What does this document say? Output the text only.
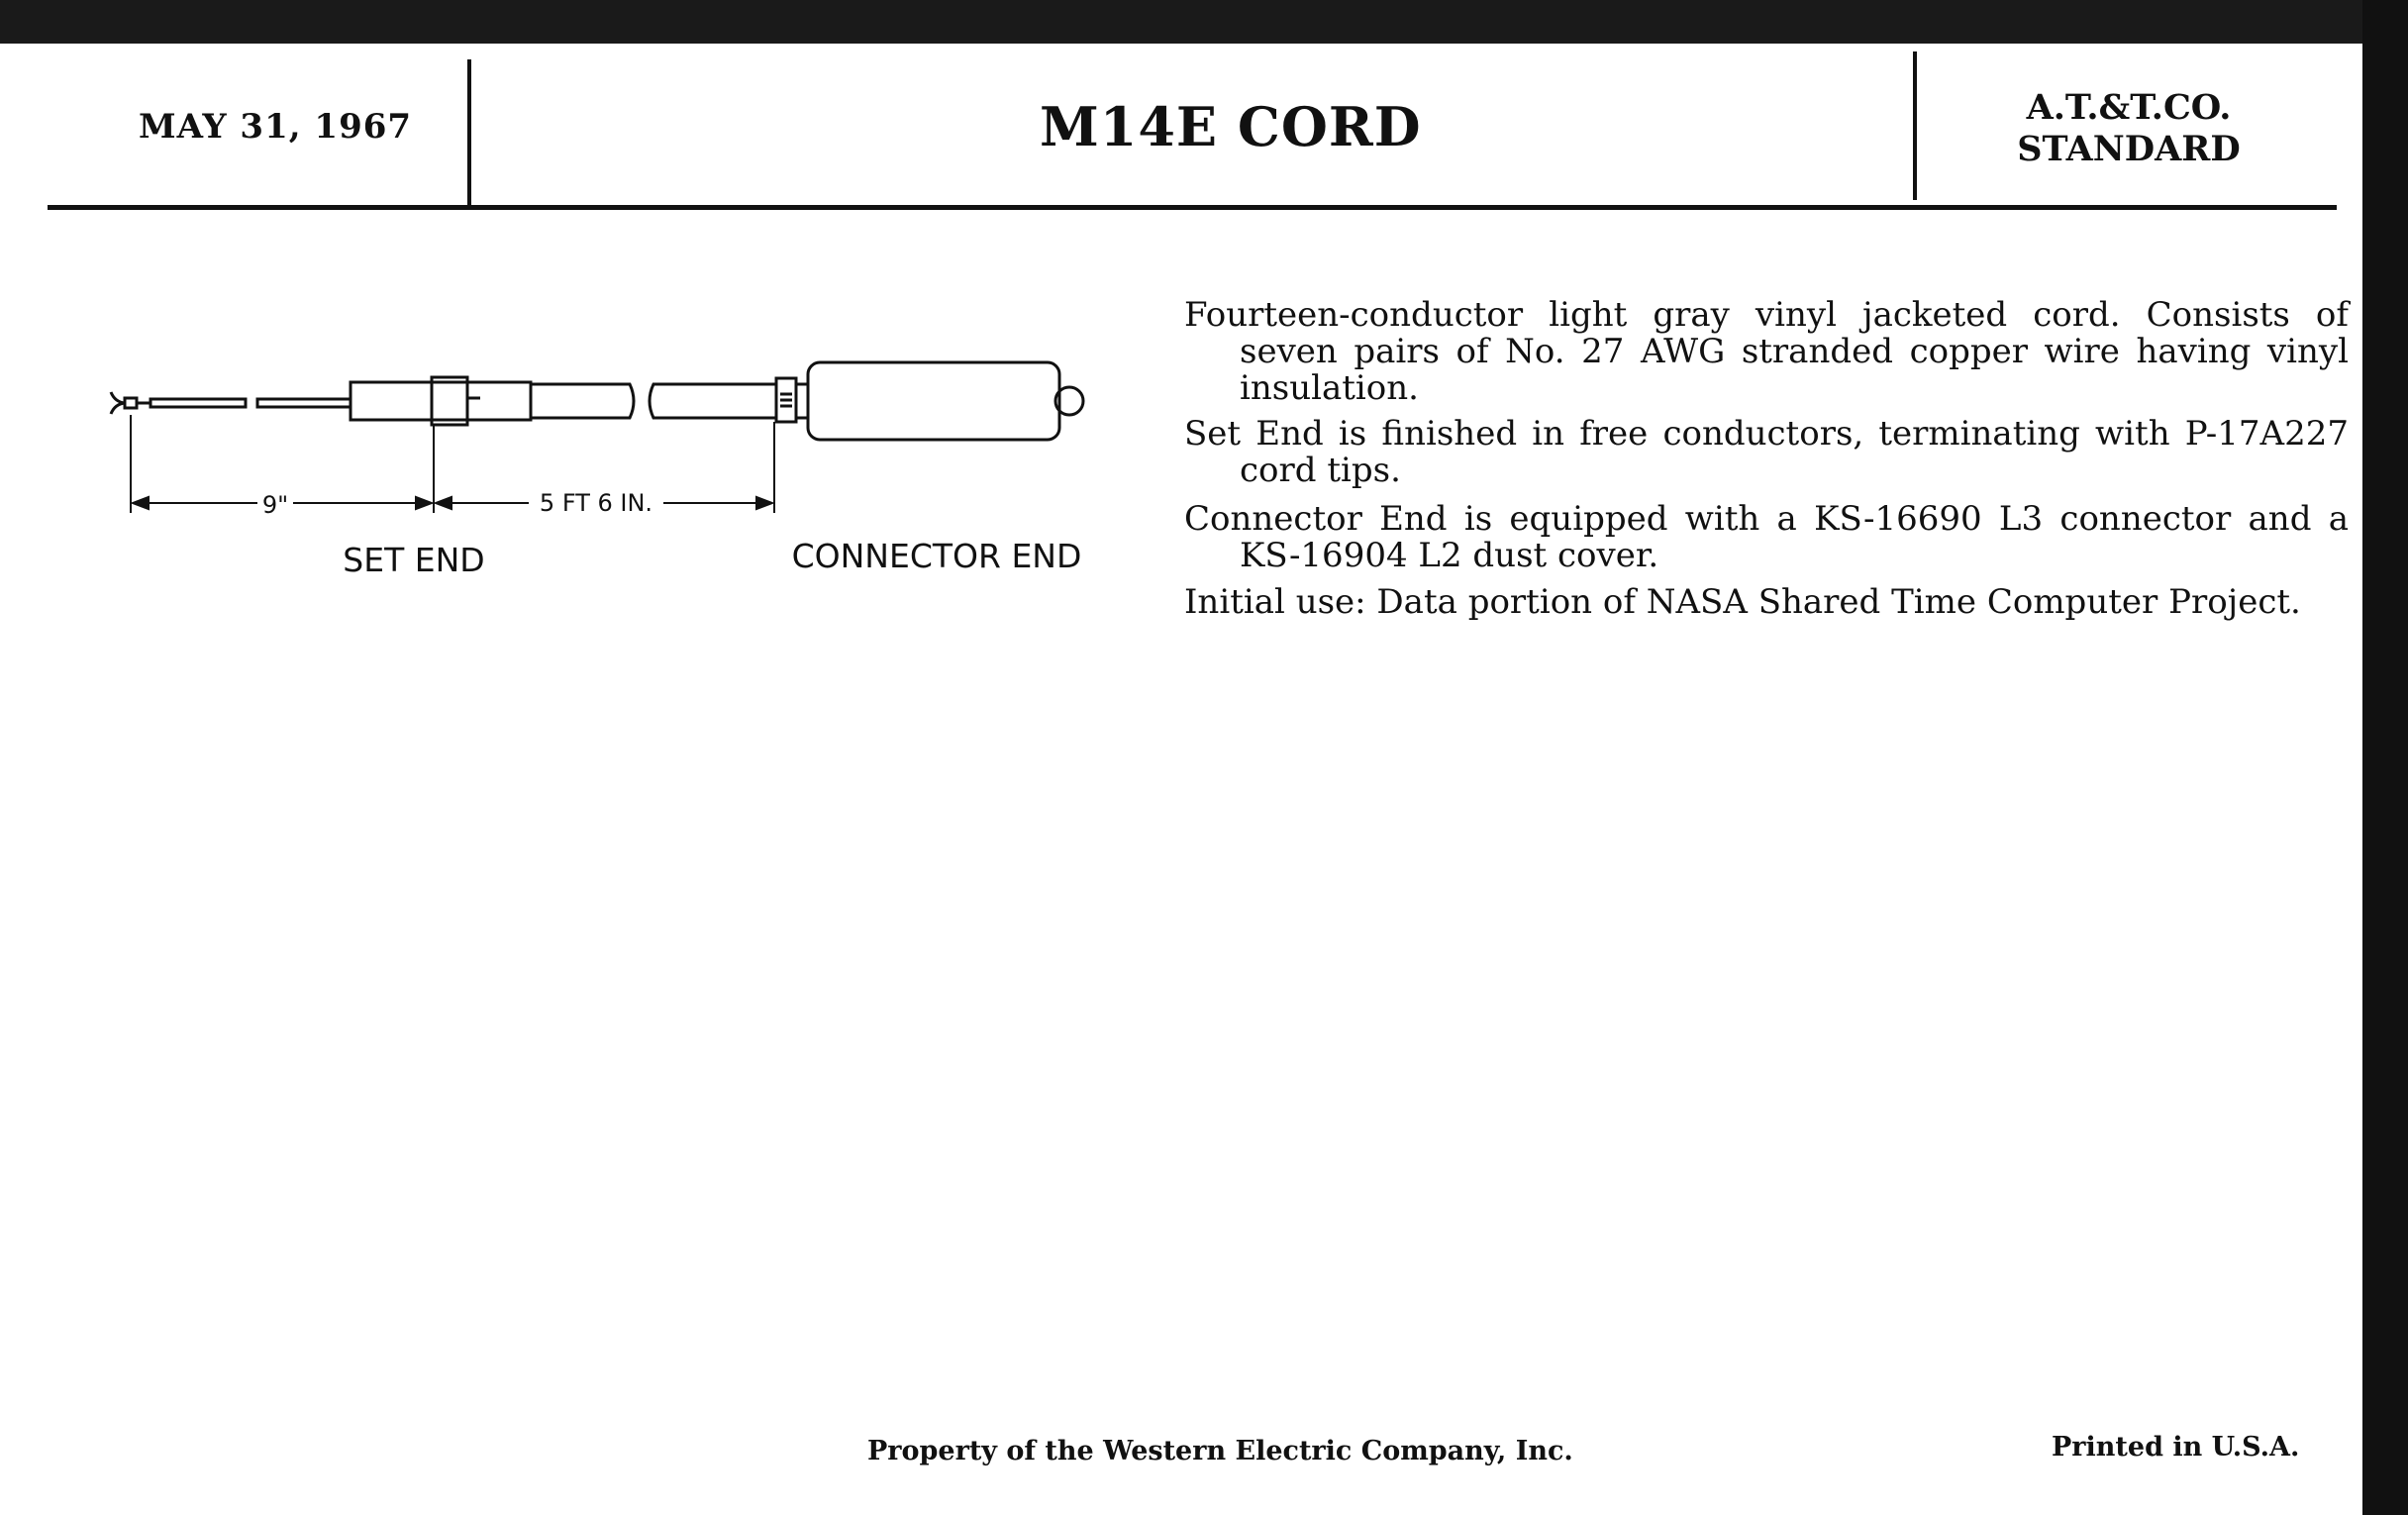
MAY 31, 1967	M14E CORD	A.T.&T.CO.
STANDARD
9"	5 FT 6 IN.
SET END	CONNECTOR END
Fourteen-conductor light gray vinyl jacketed cord. Consists of seven pairs of No. 27 AWG stranded copper wire having vinyl insulation.
Set End is finished in free conductors, terminating with P-17A227 cord tips.
Connector End is equipped with a KS-16690 L3 connector and a KS-16904 L2 dust cover.
Initial use: Data portion of NASA Shared Time Computer Project.
Property of the Western Electric Company, Inc.	Printed in U.S.A.
